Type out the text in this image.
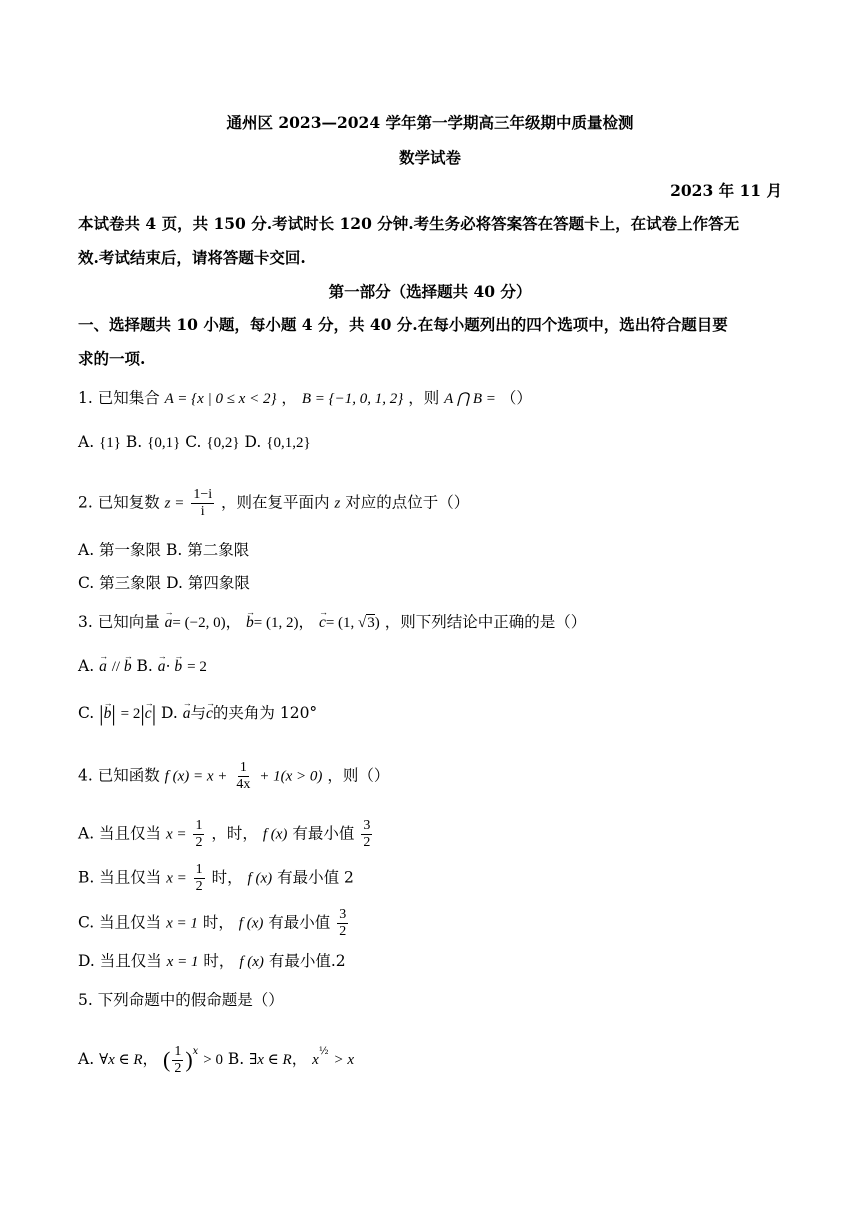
通州区 2023—2024 学年第一学期高三年级期中质量检测
数学试卷
2023 年 11 月
本试卷共 4 页，共 150 分.考试时长 120 分钟.考生务必将答案答在答题卡上，在试卷上作答无
效.考试结束后，请将答题卡交回.
第一部分（选择题共 40 分）
一、选择题共 10 小题，每小题 4 分，共 40 分.在每小题列出的四个选项中，选出符合题目要
求的一项.
1. 已知集合 A = {x | 0 ≤ x < 2} ， B = {−1, 0, 1, 2} ，则 A ⋂ B = （）
A. {1} B. {0,1} C. {0,2} D. {0,1,2}
2. 已知复数 $z = \frac{1-i}{i}$ ，则在复平面内 z 对应的点位于（）
A. 第一象限 B. 第二象限
C. 第三象限 D. 第四象限
3. 已知向量 → a= (−2, 0)， → b= (1, 2)， → c= (1, √3) ，则下列结论中正确的是（）
A. → a // → b B. → a⋅ → b = 2
C. |→ b| = 2|→ c| D. → a与→ c的夹角为 120°
4. 已知函数 f $(x) = x + \frac{1}{4x} + 1(x > 0)$ ，则（）
A. 当且仅当 $x = \frac{1}{2}$ ，时， f (x) 有最小值 $\frac{3}{2}$
B. 当且仅当 $x = \frac{1}{2}$ 时， f (x) 有最小值 2
C. 当且仅当 x = 1 时， f (x) 有最小值 $\frac{3}{2}$
D. 当且仅当 x = 1 时， f (x) 有最小值.2
5. 下列命题中的假命题是（）
A. ∀x ∈ R， ( $\frac{1}{2} )^x > 0$ B. ∃x ∈ R， $x^{\frac{1}{2}} > x$
